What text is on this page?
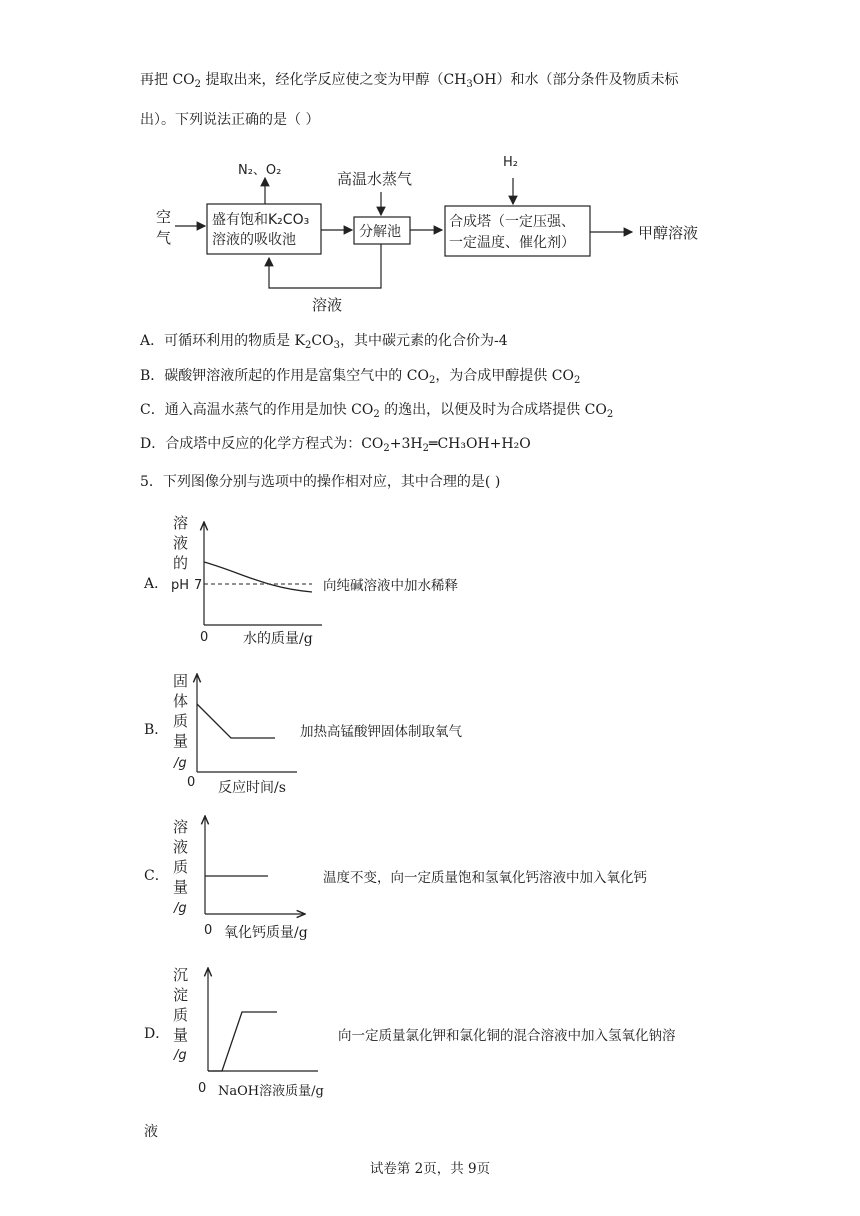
再把 $CO_2$ 提取出来，经化学反应使之变为甲醇$(CH_3OH)$和水（部分条件及物质未标
出）。下列说法正确的是（ ）
空
气
盛有饱和K₂CO₃
溶液的吸收池
N₂、O₂	高温水蒸气
分解池
H₂
合成塔（一定压强、
一定温度、催化剂）
甲醇溶液
溶液
A．可循环利用的物质是 $K_2CO_3$，其中碳元素的化合价为-4
B．碳酸钾溶液所起的作用是富集空气中的 $CO_2$，为合成甲醇提供 $CO_2$
C．通入高温水蒸气的作用是加快 $CO_2$ 的逸出，以便及时为合成塔提供 $CO_2$
D．合成塔中反应的化学方程式为：$CO_2+3H_2═CH_3OH+H_2O$
5．下列图像分别与选项中的操作相对应，其中合理的是( )
A．
溶
液
的
pH 7
0 水的质量/g
向纯碱溶液中加水稀释
B．
固
体
质
量
/g
0 反应时间/s
加热高锰酸钾固体制取氧气
C．
溶
液
质
量
/g
0 氧化钙质量/g
温度不变，向一定质量饱和氢氧化钙溶液中加入氧化钙
D．
沉
淀
质
量
/g
0 NaOH溶液质量/g
向一定质量氯化钾和氯化铜的混合溶液中加入氢氧化钠溶
液
试卷第 2页，共 9页
